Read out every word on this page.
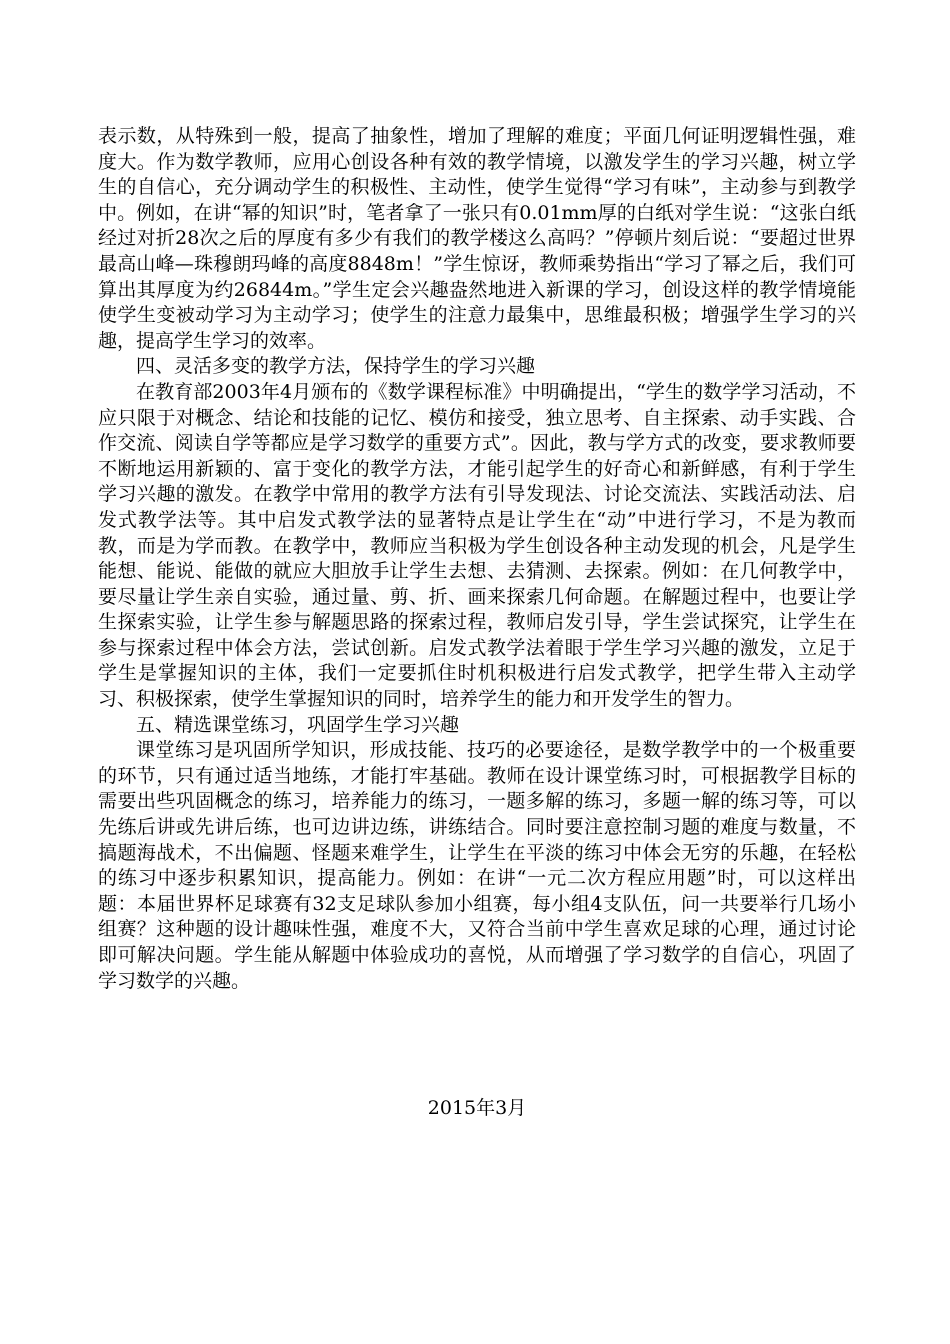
表示数，从特殊到一般，提高了抽象性，增加了理解的难度；平面几何证明逻辑性强，难度大。作为数学教师，应用心创设各种有效的教学情境，以激发学生的学习兴趣，树立学生的自信心，充分调动学生的积极性、主动性，使学生觉得“学习有味”，主动参与到教学中。例如，在讲“幂的知识”时，笔者拿了一张只有0.01mm厚的白纸对学生说：“这张白纸经过对折28次之后的厚度有多少有我们的教学楼这么高吗？”停顿片刻后说：“要超过世界最高山峰—珠穆朗玛峰的高度8848m！”学生惊讶，教师乘势指出“学习了幂之后，我们可算出其厚度为约26844m。”学生定会兴趣盎然地进入新课的学习，创设这样的教学情境能使学生变被动学习为主动学习；使学生的注意力最集中，思维最积极；增强学生学习的兴趣，提高学生学习的效率。

四、灵活多变的教学方法，保持学生的学习兴趣

在教育部2003年4月颁布的《数学课程标准》中明确提出，“学生的数学学习活动，不应只限于对概念、结论和技能的记忆、模仿和接受，独立思考、自主探索、动手实践、合作交流、阅读自学等都应是学习数学的重要方式”。因此，教与学方式的改变，要求教师要不断地运用新颖的、富于变化的教学方法，才能引起学生的好奇心和新鲜感，有利于学生学习兴趣的激发。在教学中常用的教学方法有引导发现法、讨论交流法、实践活动法、启发式教学法等。其中启发式教学法的显著特点是让学生在“动”中进行学习，不是为教而教，而是为学而教。在教学中，教师应当积极为学生创设各种主动发现的机会，凡是学生能想、能说、能做的就应大胆放手让学生去想、去猜测、去探索。例如：在几何教学中，要尽量让学生亲自实验，通过量、剪、折、画来探索几何命题。在解题过程中，也要让学生探索实验，让学生参与解题思路的探索过程，教师启发引导，学生尝试探究，让学生在参与探索过程中体会方法，尝试创新。启发式教学法着眼于学生学习兴趣的激发，立足于学生是掌握知识的主体，我们一定要抓住时机积极进行启发式教学，把学生带入主动学习、积极探索，使学生掌握知识的同时，培养学生的能力和开发学生的智力。

五、精选课堂练习，巩固学生学习兴趣

课堂练习是巩固所学知识，形成技能、技巧的必要途径，是数学教学中的一个极重要的环节，只有通过适当地练，才能打牢基础。教师在设计课堂练习时，可根据教学目标的需要出些巩固概念的练习，培养能力的练习，一题多解的练习，多题一解的练习等，可以先练后讲或先讲后练，也可边讲边练，讲练结合。同时要注意控制习题的难度与数量，不搞题海战术，不出偏题、怪题来难学生，让学生在平淡的练习中体会无穷的乐趣，在轻松的练习中逐步积累知识，提高能力。例如：在讲“一元二次方程应用题”时，可以这样出题：本届世界杯足球赛有32支足球队参加小组赛，每小组4支队伍，问一共要举行几场小组赛？这种题的设计趣味性强，难度不大，又符合当前中学生喜欢足球的心理，通过讨论即可解决问题。学生能从解题中体验成功的喜悦，从而增强了学习数学的自信心，巩固了学习数学的兴趣。

2015年3月
